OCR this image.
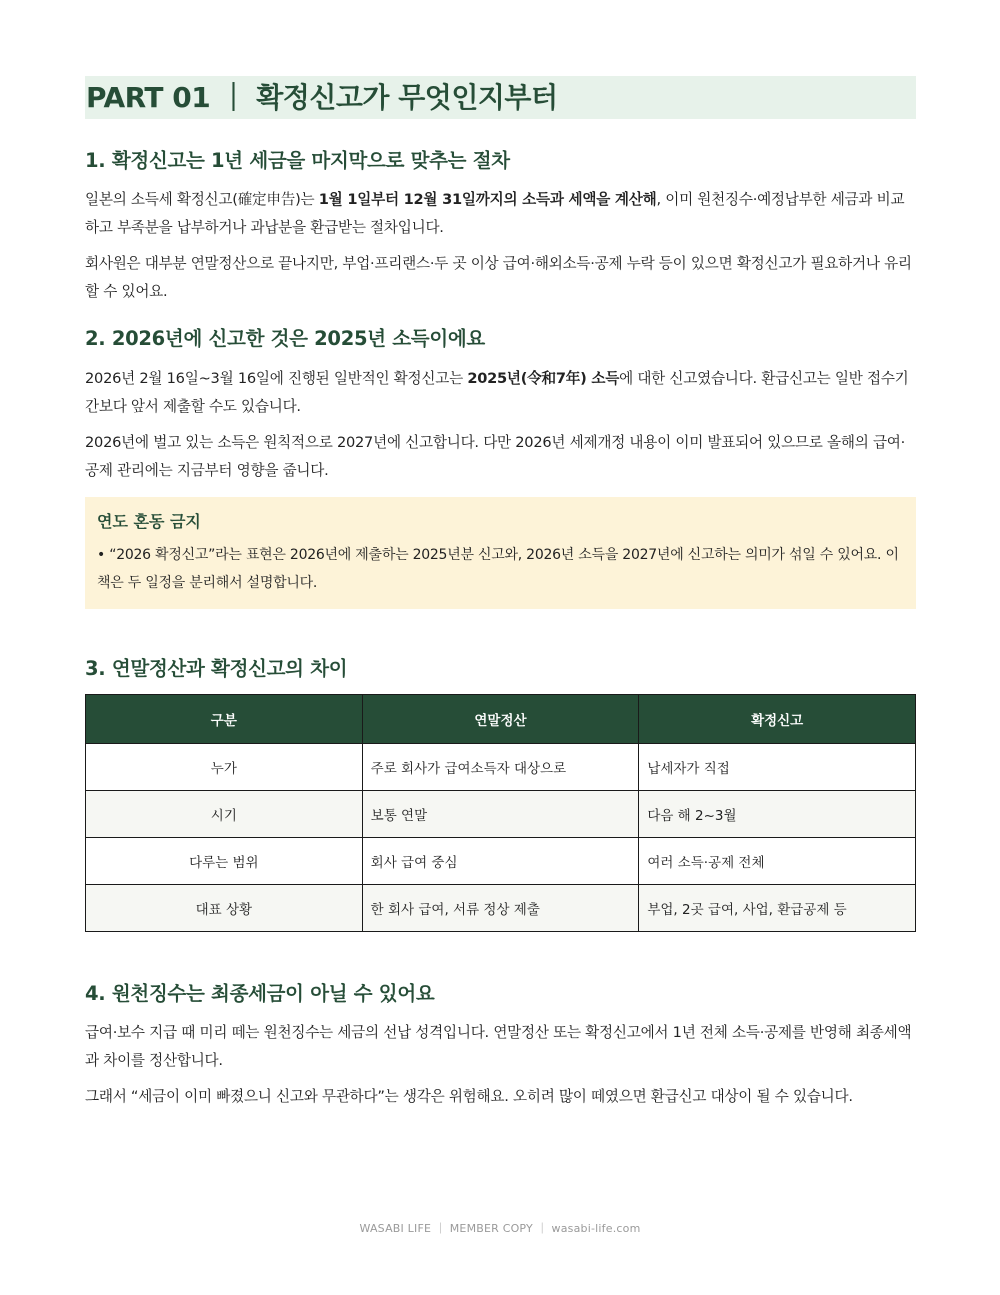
PART 01 ｜ 확정신고가 무엇인지부터
1. 확정신고는 1년 세금을 마지막으로 맞추는 절차

일본의 소득세 확정신고(確定申告)는 1월 1일부터 12월 31일까지의 소득과 세액을 계산해, 이미 원천징수·예정납부한 세금과 비교하고 부족분을 납부하거나 과납분을 환급받는 절차입니다.

회사원은 대부분 연말정산으로 끝나지만, 부업·프리랜스·두 곳 이상 급여·해외소득·공제 누락 등이 있으면 확정신고가 필요하거나 유리할 수 있어요.

2. 2026년에 신고한 것은 2025년 소득이에요

2026년 2월 16일~3월 16일에 진행된 일반적인 확정신고는 2025년(令和7年) 소득에 대한 신고였습니다. 환급신고는 일반 접수기간보다 앞서 제출할 수도 있습니다.

2026년에 벌고 있는 소득은 원칙적으로 2027년에 신고합니다. 다만 2026년 세제개정 내용이 이미 발표되어 있으므로 올해의 급여·공제 관리에는 지금부터 영향을 줍니다.

연도 혼동 금지

• “2026 확정신고”라는 표현은 2026년에 제출하는 2025년분 신고와, 2026년 소득을 2027년에 신고하는 의미가 섞일 수 있어요. 이 책은 두 일정을 분리해서 설명합니다.

3. 연말정산과 확정신고의 차이
구분	연말정산	확정신고
누가	주로 회사가 급여소득자 대상으로	납세자가 직접
시기	보통 연말	다음 해 2~3월
다루는 범위	회사 급여 중심	여러 소득·공제 전체
대표 상황	한 회사 급여, 서류 정상 제출	부업, 2곳 급여, 사업, 환급공제 등
4. 원천징수는 최종세금이 아닐 수 있어요

급여·보수 지급 때 미리 떼는 원천징수는 세금의 선납 성격입니다. 연말정산 또는 확정신고에서 1년 전체 소득·공제를 반영해 최종세액과 차이를 정산합니다.

그래서 “세금이 이미 빠졌으니 신고와 무관하다”는 생각은 위험해요. 오히려 많이 떼였으면 환급신고 대상이 될 수 있습니다.

WASABI LIFE ｜ MEMBER COPY ｜ wasabi-life.com
